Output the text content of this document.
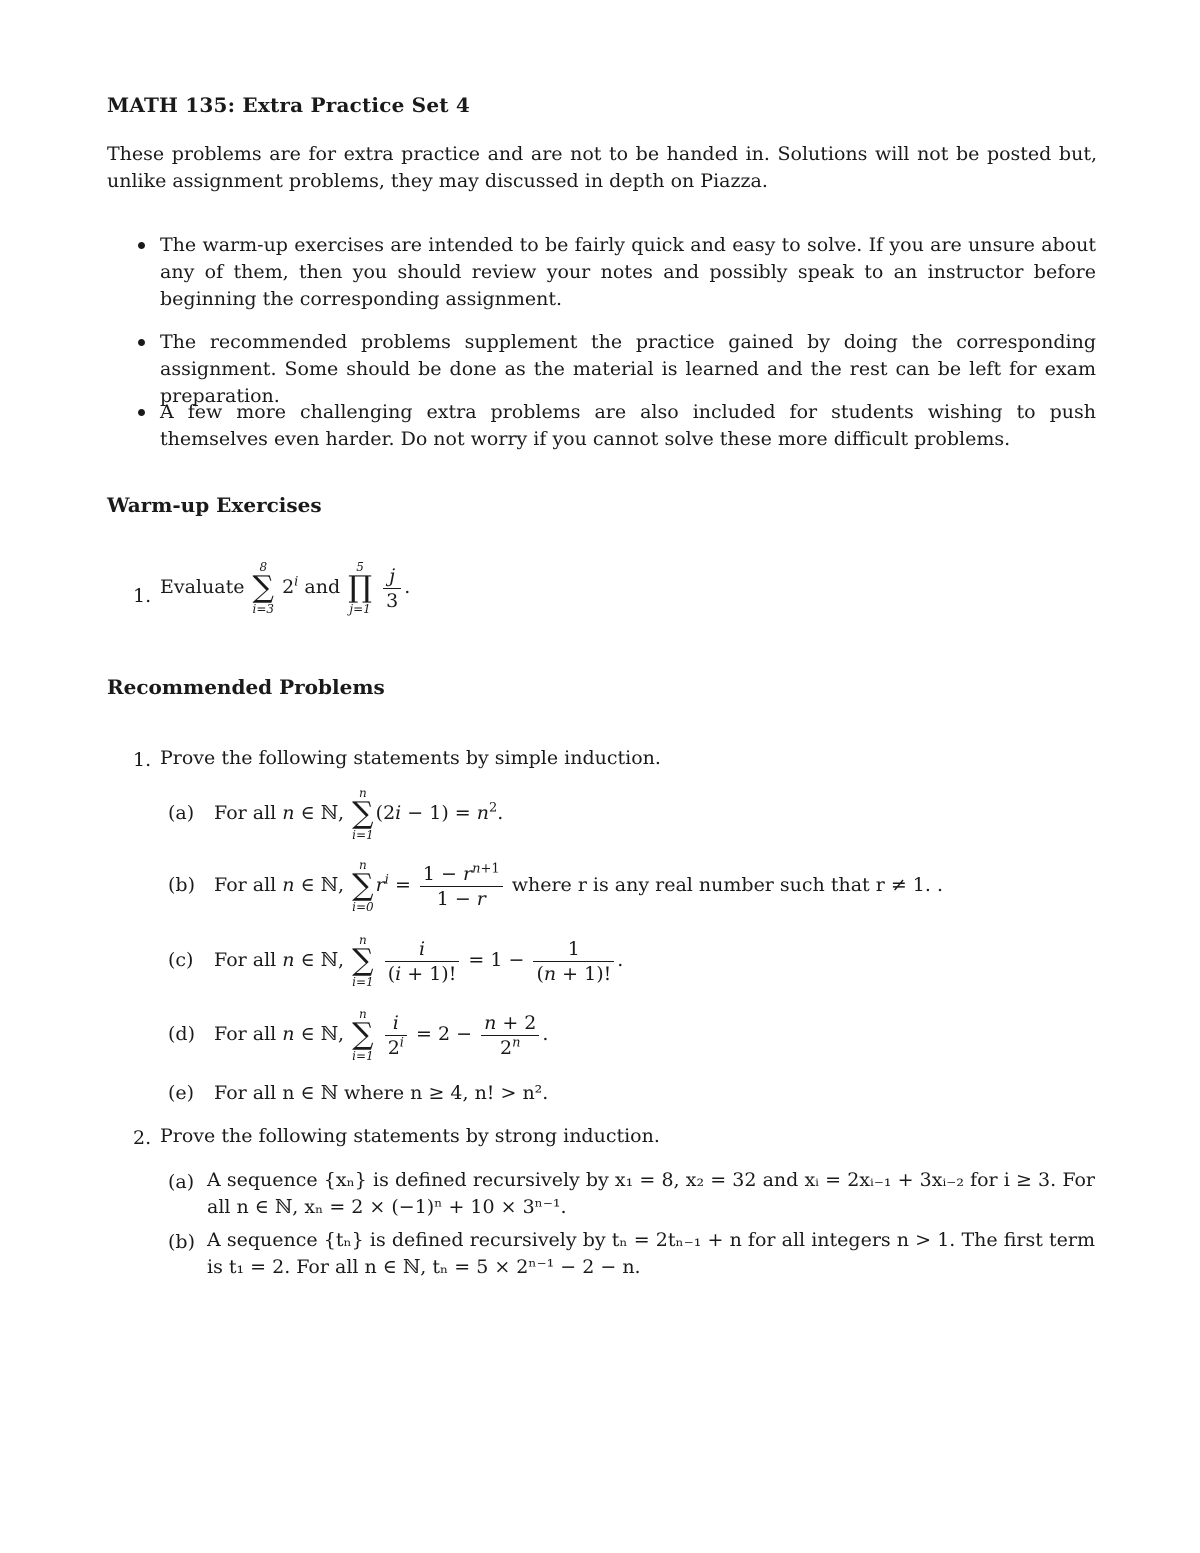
MATH 135: Extra Practice Set 4
These problems are for extra practice and are not to be handed in. Solutions will not be posted but, unlike assignment problems, they may discussed in depth on Piazza.
The warm-up exercises are intended to be fairly quick and easy to solve. If you are unsure about any of them, then you should review your notes and possibly speak to an instructor before beginning the corresponding assignment.
The recommended problems supplement the practice gained by doing the corresponding assignment. Some should be done as the material is learned and the rest can be left for exam preparation.
A few more challenging extra problems are also included for students wishing to push themselves even harder. Do not worry if you cannot solve these more difficult problems.
Warm-up Exercises
1. Evaluate
8
∑
i=3
2$^i$ and
5
∏
j=1
$\frac{j}{3}$ .
Recommended Problems
1. Prove the following statements by simple induction.
(a) For all n ∈ ℕ,
n
∑
i=1
$(2i - 1) = n^2$.
(b) For all n ∈ ℕ,
n
∑
i=0
$r^i = \frac{1 - r^{n+1}}{1 - r}$ where r is any real number such that r ≠ 1. .
(c) For all n ∈ ℕ,
n
∑
i=1
$\frac{i}{(i + 1)!} = 1 - \frac{1}{(n + 1)!}$ .
(d) For all n ∈ ℕ,
n
∑
i=1
$\frac{i}{2^i} = 2 - \frac{n + 2}{2^n}$ .
(e) For all n ∈ ℕ where n ≥ 4, n! > n².
2. Prove the following statements by strong induction.
(a) A sequence {xₙ} is defined recursively by x₁ = 8, x₂ = 32 and xᵢ = 2xᵢ₋₁ + 3xᵢ₋₂ for i ≥ 3. For all n ∈ ℕ, xₙ = 2 × (−1)ⁿ + 10 × 3ⁿ⁻¹.
(b) A sequence {tₙ} is defined recursively by tₙ = 2tₙ₋₁ + n for all integers n > 1. The first term is t₁ = 2. For all n ∈ ℕ, tₙ = 5 × 2ⁿ⁻¹ − 2 − n.
